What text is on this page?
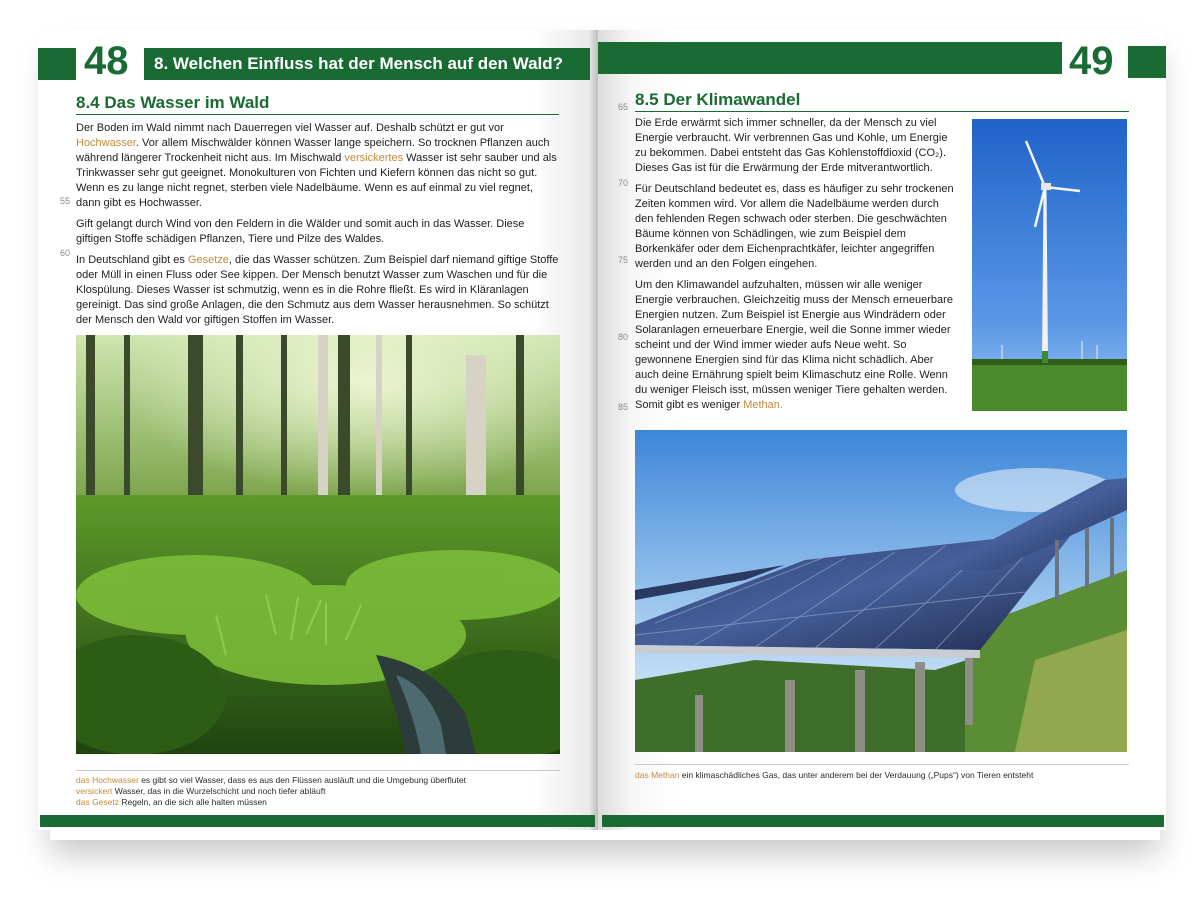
48 8. Welchen Einfluss hat der Mensch auf den Wald?
8.4 Das Wasser im Wald

Der Boden im Wald nimmt nach Dauerregen viel Wasser auf. Deshalb schützt er gut vor Hochwasser. Vor allem Mischwälder können Wasser lange speichern. So trocknen Pflanzen auch während längerer Trockenheit nicht aus. Im Mischwald versickertes Wasser ist sehr sauber und als Trinkwasser sehr gut geeignet. Monokulturen von Fichten und Kiefern können das nicht so gut. Wenn es zu lange nicht regnet, sterben viele Nadelbäume. Wenn es auf einmal zu viel regnet, dann gibt es Hochwasser.

Gift gelangt durch Wind von den Feldern in die Wälder und somit auch in das Wasser. Diese giftigen Stoffe schädigen Pflanzen, Tiere und Pilze des Waldes.

In Deutschland gibt es Gesetze, die das Wasser schützen. Zum Beispiel darf niemand giftige Stoffe oder Müll in einen Fluss oder See kippen. Der Mensch benutzt Wasser zum Waschen und für die Klospülung. Dieses Wasser ist schmutzig, wenn es in die Rohre fließt. Es wird in Kläranlagen gereinigt. Das sind große Anlagen, die den Schmutz aus dem Wasser herausnehmen. So schützt der Mensch den Wald vor giftigen Stoffen im Wasser.

55
60
das Hochwasser es gibt so viel Wasser, dass es aus den Flüssen ausläuft und die Umgebung überflutet
versickert Wasser, das in die Wurzelschicht und noch tiefer abläuft
das Gesetz Regeln, an die sich alle halten müssen
49
8.5 Der Klimawandel

Die Erde erwärmt sich immer schneller, da der Mensch zu viel Energie verbraucht. Wir verbrennen Gas und Kohle, um Energie zu bekommen. Dabei entsteht das Gas Kohlenstoffdioxid (CO₂). Dieses Gas ist für die Erwärmung der Erde mitverantwortlich.

Für Deutschland bedeutet es, dass es häufiger zu sehr trockenen Zeiten kommen wird. Vor allem die Nadelbäume werden durch den fehlenden Regen schwach oder sterben. Die geschwächten Bäume können von Schädlingen, wie zum Beispiel dem Borkenkäfer oder dem Eichenprachtkäfer, leichter angegriffen werden und an den Folgen eingehen.

Um den Klimawandel aufzuhalten, müssen wir alle weniger Energie verbrauchen. Gleichzeitig muss der Mensch erneuerbare Energien nutzen. Zum Beispiel ist Energie aus Windrädern oder Solaranlagen erneuerbare Energie, weil die Sonne immer wieder scheint und der Wind immer wieder aufs Neue weht. So gewonnene Energien sind für das Klima nicht schädlich. Aber auch deine Ernährung spielt beim Klimaschutz eine Rolle. Wenn du weniger Fleisch isst, müssen weniger Tiere gehalten werden. Somit gibt es weniger Methan.

65
70
75
80
85
das Methan ein klimaschädliches Gas, das unter anderem bei der Verdauung („Pups“) von Tieren entsteht
